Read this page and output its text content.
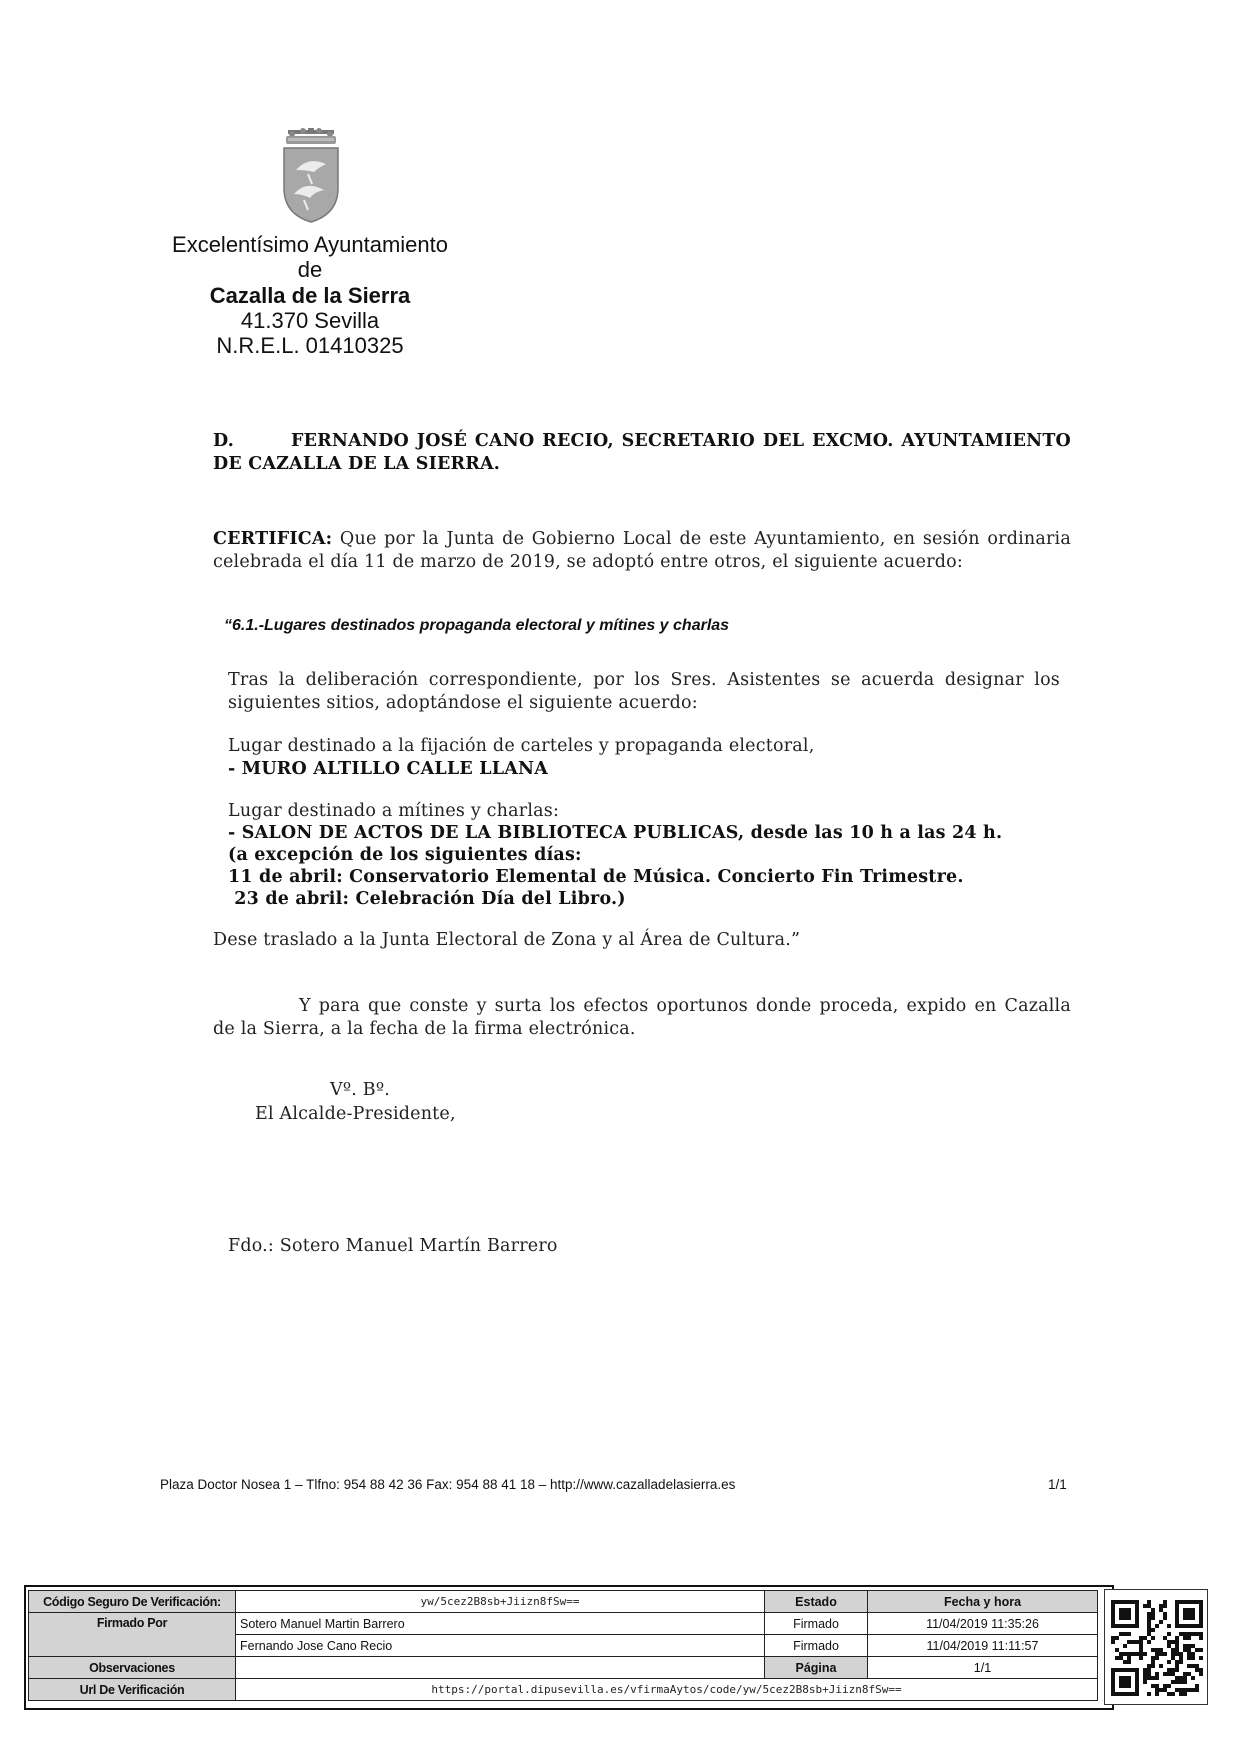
Excelentísimo Ayuntamiento
de
Cazalla de la Sierra
41.370 Sevilla
N.R.E.L. 01410325
D.	FERNANDO JOSÉ CANO RECIO, SECRETARIO DEL EXCMO. AYUNTAMIENTO
DE CAZALLA DE LA SIERRA.
CERTIFICA: Que por la Junta de Gobierno Local de este Ayuntamiento, en sesión ordinaria
celebrada el día 11 de marzo de 2019, se adoptó entre otros, el siguiente acuerdo:
“6.1.-Lugares destinados propaganda electoral y mítines y charlas
Tras la deliberación correspondiente, por los Sres. Asistentes se acuerda designar los
siguientes sitios, adoptándose el siguiente acuerdo:
Lugar destinado a la fijación de carteles y propaganda electoral,
- MURO ALTILLO CALLE LLANA
Lugar destinado a mítines y charlas:
- SALON DE ACTOS DE LA BIBLIOTECA PUBLICAS, desde las 10 h a las 24 h.
(a excepción de los siguientes días:
11 de abril: Conservatorio Elemental de Música. Concierto Fin Trimestre.
23 de abril: Celebración Día del Libro.)
Dese traslado a la Junta Electoral de Zona y al Área de Cultura.”
Y para que conste y surta los efectos oportunos donde proceda, expido en Cazalla
de la Sierra, a la fecha de la firma electrónica.
Vº. Bº.
El Alcalde-Presidente,
Fdo.: Sotero Manuel Martín Barrero
Plaza Doctor Nosea 1 – Tlfno: 954 88 42 36 Fax: 954 88 41 18 – http://www.cazalladelasierra.es	1/1
Código Seguro De Verificación:	yw/5cez2B8sb+Jiizn8fSw==	Estado	Fecha y hora
Firmado Por	Sotero Manuel Martin Barrero	Firmado	11/04/2019 11:35:26
	Fernando Jose Cano Recio	Firmado	11/04/2019 11:11:57
Observaciones		Página	1/1
Url De Verificación	https://portal.dipusevilla.es/vfirmaAytos/code/yw/5cez2B8sb+Jiizn8fSw==		
